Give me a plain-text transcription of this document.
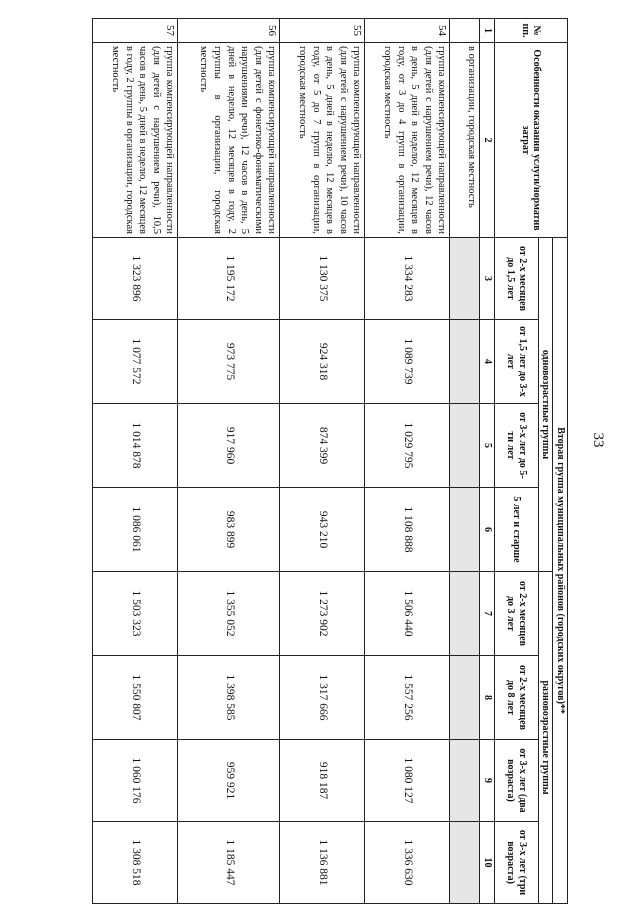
33
№ пп.	Особенности оказания услуги/норматив затрат	Вторая группа муниципальных районов (городских округов)**							
		одновозрастные группы				разновозрастные группы			
		от 2-х месяцев до 1,5 лет	от 1,5 лет до 3-х лет	от 3-х лет до 5-ти лет	5 лет и старше	от 2-х месяцев до 3 лет	от 2-х месяцев до 8 лет	от 3-х лет (два возраста)	от 3-х лет (три возраста)
1	2	3	4	5	6	7	8	9	10
	в организации, городская местность								
54	группа компенсирующей направленности (для детей с нарушением речи), 12 часов в день, 5 дней в неделю, 12 месяцев в году, от 3 до 4 групп в организации, городская местность	1 334 283	1 089 739	1 029 795	1 108 888	1 506 440	1 557 256	1 080 127	1 336 630
55	группа компенсирующей направленности (для детей с нарушением речи), 10 часов в день, 5 дней в неделю, 12 месяцев в году, от 5 до 7 групп в организации, городская местность	1 130 375	924 318	874 399	943 210	1 273 902	1 317 666	918 187	1 136 881
56	группа компенсирующей направленности (для детей с фонетико-фонематическими нарушениями речи), 12 часов в день, 5 дней в неделю, 12 месяцев в году, 2 группы в организации, городская местность	1 195 172	973 775	917 960	983 899	1 355 052	1 398 585	959 921	1 185 447
57	группа компенсирующей направленности (для детей с нарушением речи), 10,5 часов в день, 5 дней в неделю, 12 месяцев в году, 2 группы в организации, городская местность	1 323 896	1 077 572	1 014 878	1 086 061	1 503 323	1 550 807	1 060 176	1 308 518
